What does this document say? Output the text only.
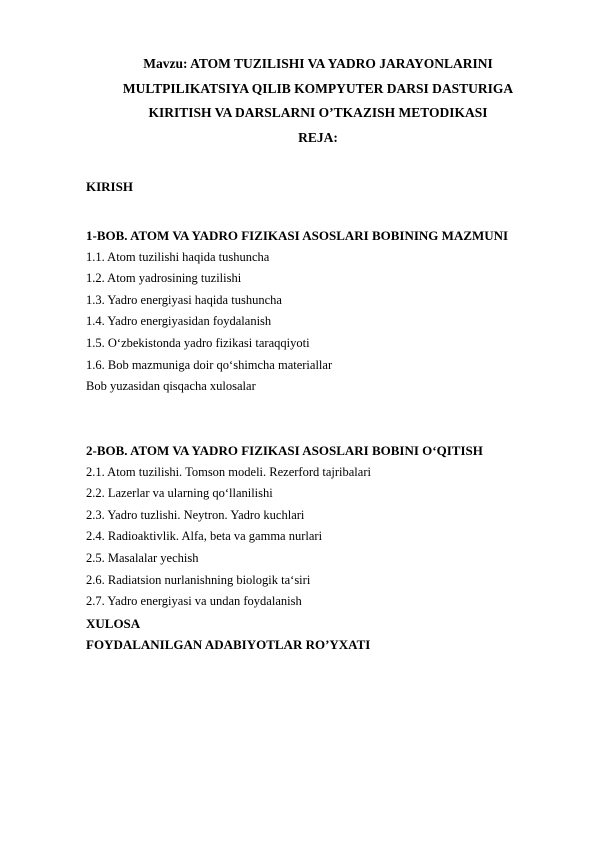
Mavzu: ATOM TUZILISHI VA YADRO JARAYONLARINI
MULTPILIKATSIYA QILIB KOMPYUTER DARSI DASTURIGA
KIRITISH VA DARSLARNI O’TKAZISH METODIKASI
REJA:
KIRISH
1-BOB. ATOM VA YADRO FIZIKASI ASOSLARI BOBINING MAZMUNI
1.1. Atom tuzilishi haqida tushuncha
1.2. Atom yadrosining tuzilishi
1.3. Yadro energiyasi haqida tushuncha
1.4. Yadro energiyasidan foydalanish
1.5. O‘zbekistonda yadro fizikasi taraqqiyoti
1.6. Bob mazmuniga doir qo‘shimcha materiallar
Bob yuzasidan qisqacha xulosalar
2-BOB. ATOM VA YADRO FIZIKASI ASOSLARI BOBINI O‘QITISH
2.1. Atom tuzilishi. Tomson modeli. Rezerford tajribalari
2.2. Lazerlar va ularning qo‘llanilishi
2.3. Yadro tuzlishi. Neytron. Yadro kuchlari
2.4. Radioaktivlik. Alfa, beta va gamma nurlari
2.5. Masalalar yechish
2.6. Radiatsion nurlanishning biologik ta‘siri
2.7. Yadro energiyasi va undan foydalanish
XULOSA
FOYDALANILGAN ADABIYOTLAR RO’YXATI
